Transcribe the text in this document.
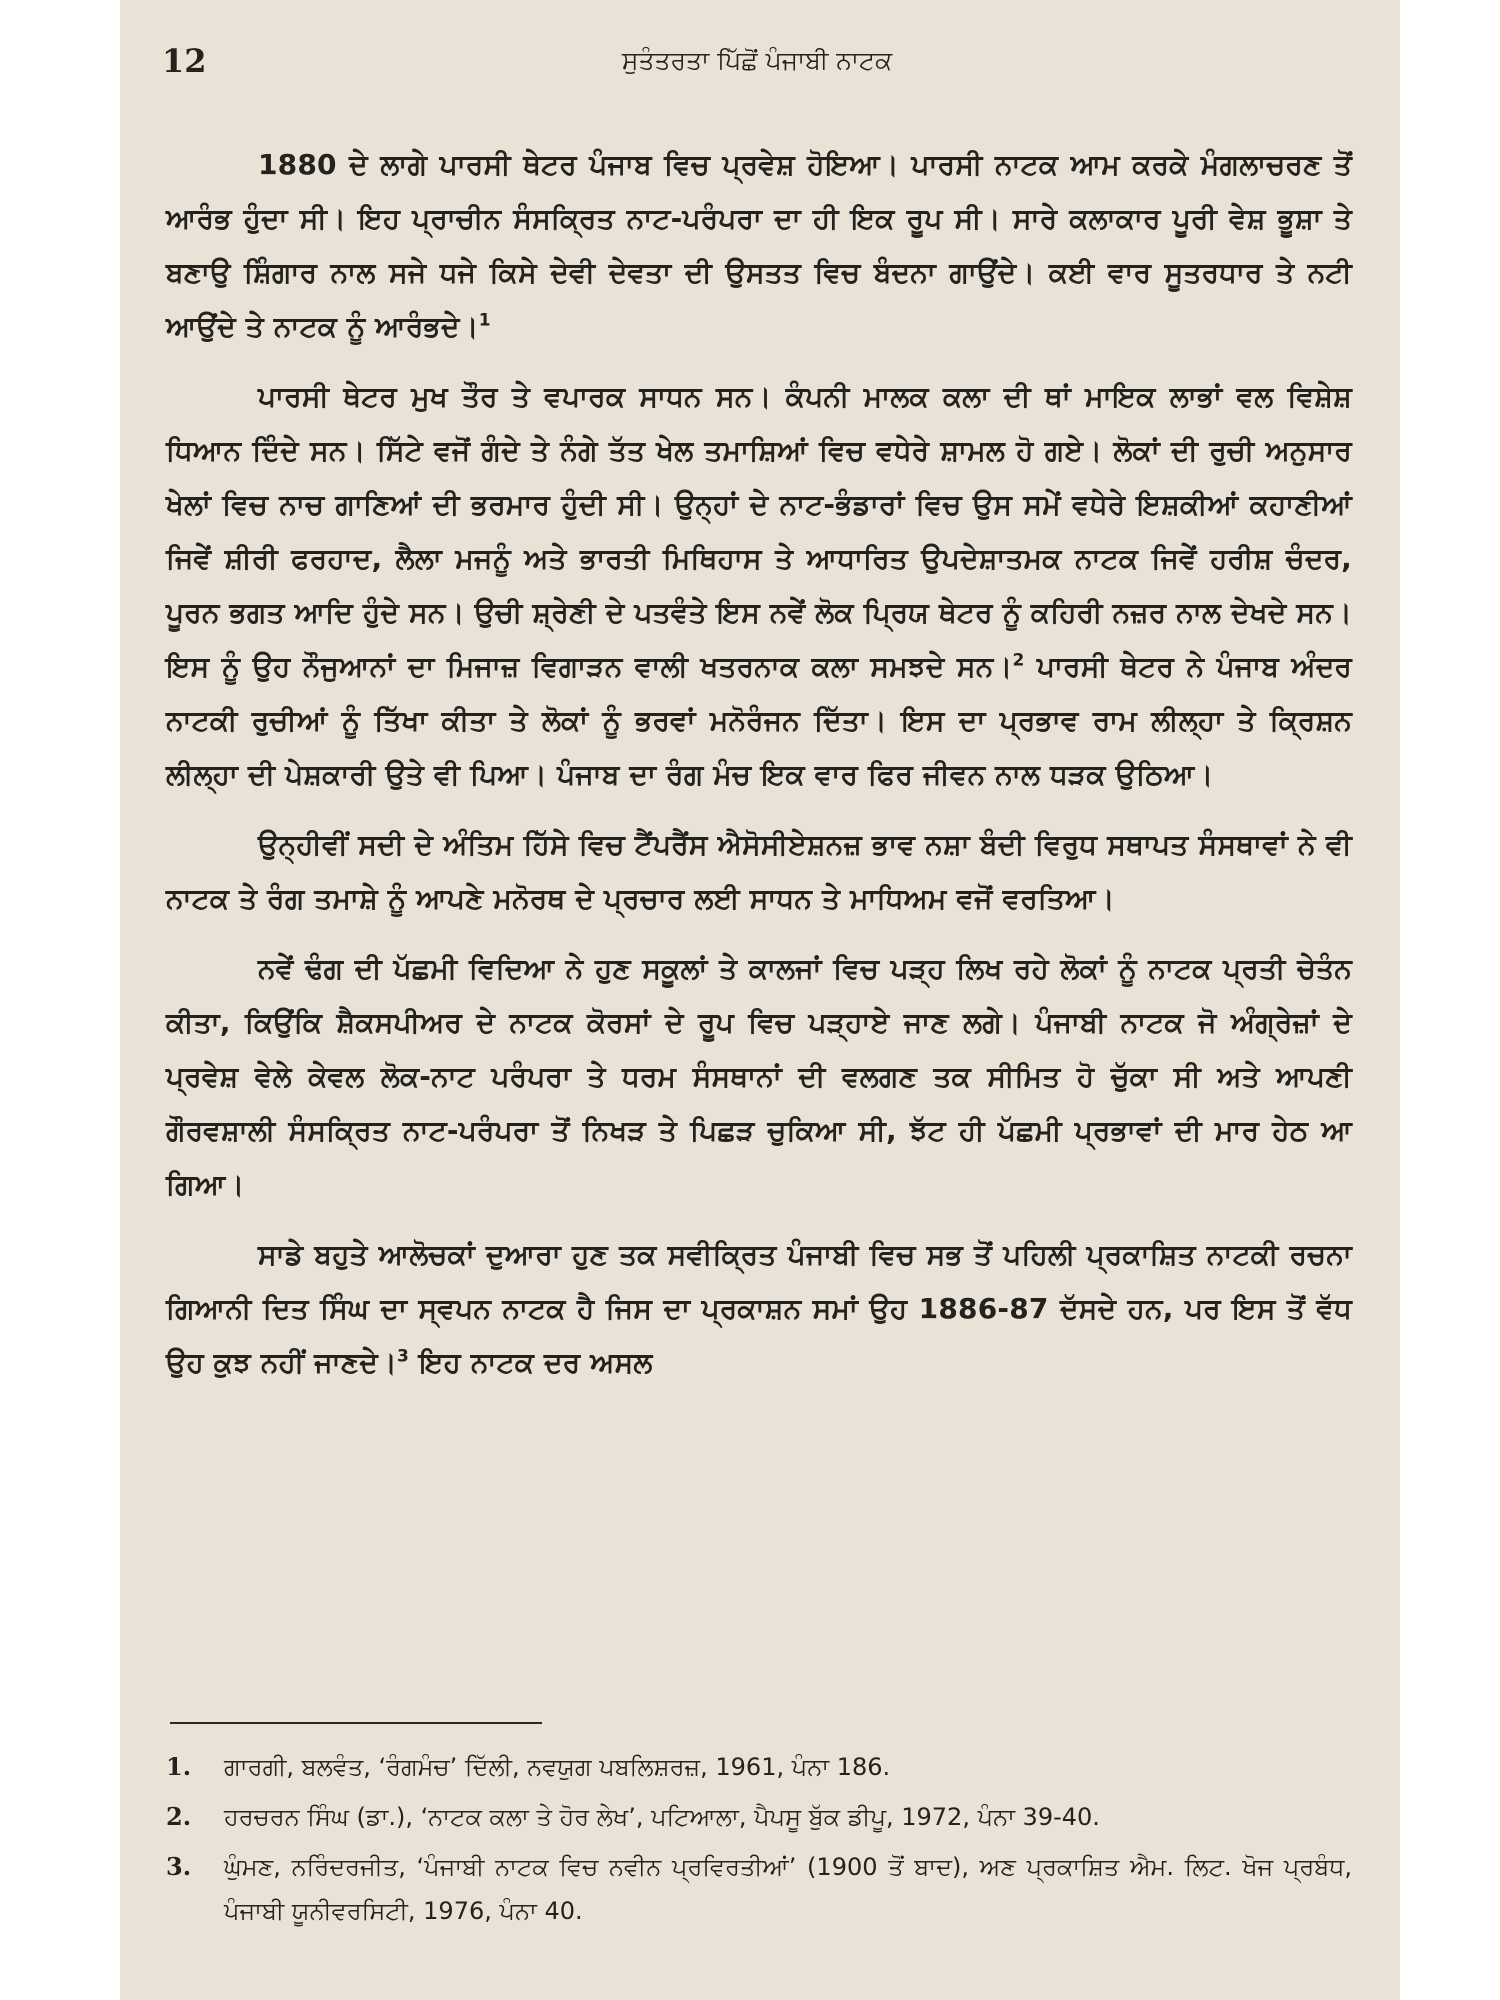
12	ਸੁਤੰਤਰਤਾ ਪਿੱਛੋਂ ਪੰਜਾਬੀ ਨਾਟਕ

1880 ਦੇ ਲਾਗੇ ਪਾਰਸੀ ਥੇਟਰ ਪੰਜਾਬ ਵਿਚ ਪ੍ਰਵੇਸ਼ ਹੋਇਆ। ਪਾਰਸੀ ਨਾਟਕ ਆਮ ਕਰਕੇ ਮੰਗਲਾਚਰਣ ਤੋਂ ਆਰੰਭ ਹੁੰਦਾ ਸੀ। ਇਹ ਪ੍ਰਾਚੀਨ ਸੰਸਕ੍ਰਿਤ ਨਾਟ-ਪਰੰਪਰਾ ਦਾ ਹੀ ਇਕ ਰੂਪ ਸੀ। ਸਾਰੇ ਕਲਾਕਾਰ ਪੂਰੀ ਵੇਸ਼ ਭੂਸ਼ਾ ਤੇ ਬਣਾਉ ਸ਼ਿੰਗਾਰ ਨਾਲ ਸਜੇ ਧਜੇ ਕਿਸੇ ਦੇਵੀ ਦੇਵਤਾ ਦੀ ਉਸਤਤ ਵਿਚ ਬੰਦਨਾ ਗਾਉਂਦੇ। ਕਈ ਵਾਰ ਸੂਤਰਧਾਰ ਤੇ ਨਟੀ ਆਉਂਦੇ ਤੇ ਨਾਟਕ ਨੂੰ ਆਰੰਭਦੇ।$^1$

ਪਾਰਸੀ ਥੇਟਰ ਮੁਖ ਤੌਰ ਤੇ ਵਪਾਰਕ ਸਾਧਨ ਸਨ। ਕੰਪਨੀ ਮਾਲਕ ਕਲਾ ਦੀ ਥਾਂ ਮਾਇਕ ਲਾਭਾਂ ਵਲ ਵਿਸ਼ੇਸ਼ ਧਿਆਨ ਦਿੰਦੇ ਸਨ। ਸਿੱਟੇ ਵਜੋਂ ਗੰਦੇ ਤੇ ਨੰਗੇ ਤੱਤ ਖੇਲ ਤਮਾਸ਼ਿਆਂ ਵਿਚ ਵਧੇਰੇ ਸ਼ਾਮਲ ਹੋ ਗਏ। ਲੋਕਾਂ ਦੀ ਰੁਚੀ ਅਨੁਸਾਰ ਖੇਲਾਂ ਵਿਚ ਨਾਚ ਗਾਣਿਆਂ ਦੀ ਭਰਮਾਰ ਹੁੰਦੀ ਸੀ। ਉਨ੍ਹਾਂ ਦੇ ਨਾਟ-ਭੰਡਾਰਾਂ ਵਿਚ ਉਸ ਸਮੇਂ ਵਧੇਰੇ ਇਸ਼ਕੀਆਂ ਕਹਾਣੀਆਂ ਜਿਵੇਂ ਸ਼ੀਰੀ ਫਰਹਾਦ, ਲੈਲਾ ਮਜਨੂੰ ਅਤੇ ਭਾਰਤੀ ਮਿਥਿਹਾਸ ਤੇ ਆਧਾਰਿਤ ਉਪਦੇਸ਼ਾਤਮਕ ਨਾਟਕ ਜਿਵੇਂ ਹਰੀਸ਼ ਚੰਦਰ, ਪੂਰਨ ਭਗਤ ਆਦਿ ਹੁੰਦੇ ਸਨ। ਉਚੀ ਸ਼੍ਰੇਣੀ ਦੇ ਪਤਵੰਤੇ ਇਸ ਨਵੇਂ ਲੋਕ ਪ੍ਰਿਯ ਥੇਟਰ ਨੂੰ ਕਹਿਰੀ ਨਜ਼ਰ ਨਾਲ ਦੇਖਦੇ ਸਨ। ਇਸ ਨੂੰ ਉਹ ਨੌਜੁਆਨਾਂ ਦਾ ਮਿਜਾਜ਼ ਵਿਗਾੜਨ ਵਾਲੀ ਖਤਰਨਾਕ ਕਲਾ ਸਮਝਦੇ ਸਨ।$^2$ ਪਾਰਸੀ ਥੇਟਰ ਨੇ ਪੰਜਾਬ ਅੰਦਰ ਨਾਟਕੀ ਰੁਚੀਆਂ ਨੂੰ ਤਿੱਖਾ ਕੀਤਾ ਤੇ ਲੋਕਾਂ ਨੂੰ ਭਰਵਾਂ ਮਨੋਰੰਜਨ ਦਿੱਤਾ। ਇਸ ਦਾ ਪ੍ਰਭਾਵ ਰਾਮ ਲੀਲ੍ਹਾ ਤੇ ਕ੍ਰਿਸ਼ਨ ਲੀਲ੍ਹਾ ਦੀ ਪੇਸ਼ਕਾਰੀ ਉਤੇ ਵੀ ਪਿਆ। ਪੰਜਾਬ ਦਾ ਰੰਗ ਮੰਚ ਇਕ ਵਾਰ ਫਿਰ ਜੀਵਨ ਨਾਲ ਧੜਕ ਉਠਿਆ।

ਉਨ੍ਹੀਵੀਂ ਸਦੀ ਦੇ ਅੰਤਿਮ ਹਿੱਸੇ ਵਿਚ ਟੈਂਪਰੈਂਸ ਐਸੋਸੀਏਸ਼ਨਜ਼ ਭਾਵ ਨਸ਼ਾ ਬੰਦੀ ਵਿਰੁਧ ਸਥਾਪਤ ਸੰਸਥਾਵਾਂ ਨੇ ਵੀ ਨਾਟਕ ਤੇ ਰੰਗ ਤਮਾਸ਼ੇ ਨੂੰ ਆਪਣੇ ਮਨੋਰਥ ਦੇ ਪ੍ਰਚਾਰ ਲਈ ਸਾਧਨ ਤੇ ਮਾਧਿਅਮ ਵਜੋਂ ਵਰਤਿਆ।

ਨਵੇਂ ਢੰਗ ਦੀ ਪੱਛਮੀ ਵਿਦਿਆ ਨੇ ਹੁਣ ਸਕੂਲਾਂ ਤੇ ਕਾਲਜਾਂ ਵਿਚ ਪੜ੍ਹ ਲਿਖ ਰਹੇ ਲੋਕਾਂ ਨੂੰ ਨਾਟਕ ਪ੍ਰਤੀ ਚੇਤੰਨ ਕੀਤਾ, ਕਿਉਂਕਿ ਸ਼ੈਕਸਪੀਅਰ ਦੇ ਨਾਟਕ ਕੋਰਸਾਂ ਦੇ ਰੂਪ ਵਿਚ ਪੜ੍ਹਾਏ ਜਾਣ ਲਗੇ। ਪੰਜਾਬੀ ਨਾਟਕ ਜੋ ਅੰਗ੍ਰੇਜ਼ਾਂ ਦੇ ਪ੍ਰਵੇਸ਼ ਵੇਲੇ ਕੇਵਲ ਲੋਕ-ਨਾਟ ਪਰੰਪਰਾ ਤੇ ਧਰਮ ਸੰਸਥਾਨਾਂ ਦੀ ਵਲਗਣ ਤਕ ਸੀਮਿਤ ਹੋ ਚੁੱਕਾ ਸੀ ਅਤੇ ਆਪਣੀ ਗੌਰਵਸ਼ਾਲੀ ਸੰਸਕ੍ਰਿਤ ਨਾਟ-ਪਰੰਪਰਾ ਤੋਂ ਨਿਖੜ ਤੇ ਪਿਛੜ ਚੁਕਿਆ ਸੀ, ਝੱਟ ਹੀ ਪੱਛਮੀ ਪ੍ਰਭਾਵਾਂ ਦੀ ਮਾਰ ਹੇਠ ਆ ਗਿਆ।

ਸਾਡੇ ਬਹੁਤੇ ਆਲੋਚਕਾਂ ਦੁਆਰਾ ਹੁਣ ਤਕ ਸਵੀਕ੍ਰਿਤ ਪੰਜਾਬੀ ਵਿਚ ਸਭ ਤੋਂ ਪਹਿਲੀ ਪ੍ਰਕਾਸ਼ਿਤ ਨਾਟਕੀ ਰਚਨਾ ਗਿਆਨੀ ਦਿਤ ਸਿੰਘ ਦਾ ਸ੍ਵਪਨ ਨਾਟਕ ਹੈ ਜਿਸ ਦਾ ਪ੍ਰਕਾਸ਼ਨ ਸਮਾਂ ਉਹ 1886-87 ਦੱਸਦੇ ਹਨ, ਪਰ ਇਸ ਤੋਂ ਵੱਧ ਉਹ ਕੁਝ ਨਹੀਂ ਜਾਣਦੇ।$^3$ ਇਹ ਨਾਟਕ ਦਰ ਅਸਲ

1.	ਗਾਰਗੀ, ਬਲਵੰਤ, ‘ਰੰਗਮੰਚ’ ਦਿੱਲੀ, ਨਵਯੁਗ ਪਬਲਿਸ਼ਰਜ਼, 1961, ਪੰਨਾ 186.
2.	ਹਰਚਰਨ ਸਿੰਘ (ਡਾ.), ‘ਨਾਟਕ ਕਲਾ ਤੇ ਹੋਰ ਲੇਖ’, ਪਟਿਆਲਾ, ਪੈਪਸੂ ਬੁੱਕ ਡੀਪੂ, 1972, ਪੰਨਾ 39-40.
3.	ਘੁੰਮਣ, ਨਰਿੰਦਰਜੀਤ, ‘ਪੰਜਾਬੀ ਨਾਟਕ ਵਿਚ ਨਵੀਨ ਪ੍ਰਵਿਰਤੀਆਂ’ (1900 ਤੋਂ ਬਾਦ), ਅਣ ਪ੍ਰਕਾਸ਼ਿਤ ਐਮ. ਲਿਟ. ਖੋਜ ਪ੍ਰਬੰਧ, ਪੰਜਾਬੀ ਯੂਨੀਵਰਸਿਟੀ, 1976, ਪੰਨਾ 40.
